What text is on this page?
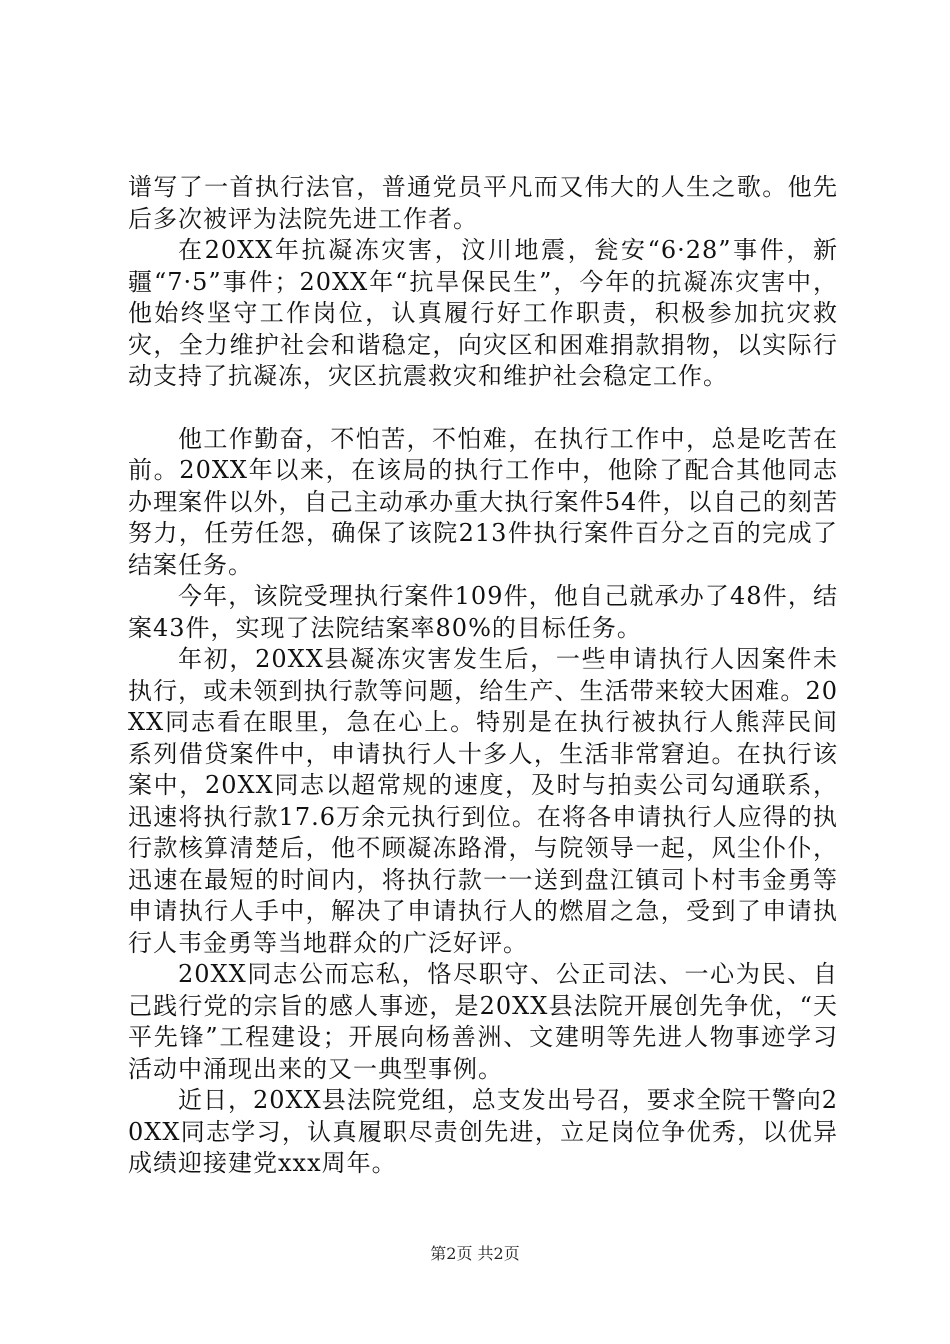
谱写了一首执行法官，普通党员平凡而又伟大的人生之歌。他先后多次被评为法院先进工作者。

在20XX年抗凝冻灾害，汶川地震，瓮安“6·28”事件，新疆“7·5”事件；20XX年“抗旱保民生”，今年的抗凝冻灾害中，他始终坚守工作岗位，认真履行好工作职责，积极参加抗灾救灾，全力维护社会和谐稳定，向灾区和困难捐款捐物，以实际行动支持了抗凝冻，灾区抗震救灾和维护社会稳定工作。

他工作勤奋，不怕苦，不怕难，在执行工作中，总是吃苦在前。20XX年以来，在该局的执行工作中，他除了配合其他同志办理案件以外，自己主动承办重大执行案件54件，以自己的刻苦努力，任劳任怨，确保了该院213件执行案件百分之百的完成了结案任务。

今年，该院受理执行案件109件，他自己就承办了48件，结案43件，实现了法院结案率80%的目标任务。

年初，20XX县凝冻灾害发生后，一些申请执行人因案件未执行，或未领到执行款等问题，给生产、生活带来较大困难。20XX同志看在眼里，急在心上。特别是在执行被执行人熊萍民间系列借贷案件中，申请执行人十多人，生活非常窘迫。在执行该案中，20XX同志以超常规的速度，及时与拍卖公司勾通联系，迅速将执行款17.6万余元执行到位。在将各申请执行人应得的执行款核算清楚后，他不顾凝冻路滑，与院领导一起，风尘仆仆，迅速在最短的时间内，将执行款一一送到盘江镇司卜村韦金勇等申请执行人手中，解决了申请执行人的燃眉之急，受到了申请执行人韦金勇等当地群众的广泛好评。

20XX同志公而忘私，恪尽职守、公正司法、一心为民、自己践行党的宗旨的感人事迹，是20XX县法院开展创先争优，“天平先锋”工程建设；开展向杨善洲、文建明等先进人物事迹学习活动中涌现出来的又一典型事例。

近日，20XX县法院党组，总支发出号召，要求全院干警向20XX同志学习，认真履职尽责创先进，立足岗位争优秀，以优异成绩迎接建党xxx周年。

第2页 共2页
